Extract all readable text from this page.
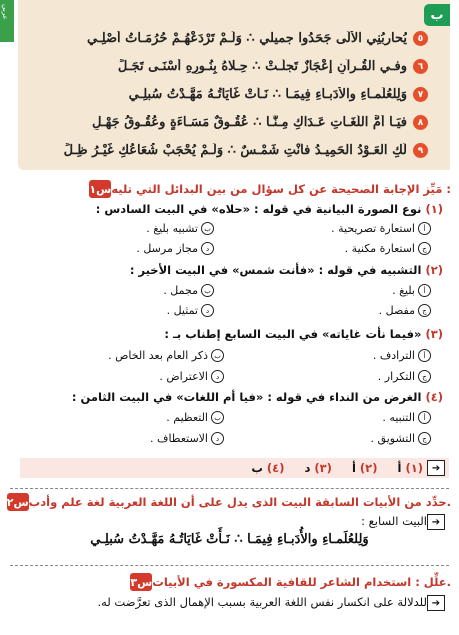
عربي	ب
٥
يُحاربُنِي الأُلَى جَحَدُوا جميلي ∴ وَلَـمْ تَرْدَعْهُـمْ حُرُمَـاتُ أَصْلِـي
٦
وفـي القُـرآنِ إعْجَازٌ تَجلَّـتْ ∴ حِـلاهُ بِنُـورِهِ أَسْنَـى تَجَـلِّ
٧
وَلِلعُلَمـاءِ والأُدَبـاءِ فِيمَـا ∴ نَـأَتْ غَايَاتُـهُ مَهَّـدْتُ سُبلِـي
٨
فيَـا أُمَّ اللُّغَـاتِ عَـدَاكِ مِـنَّـا ∴ عُقُـوقٌ مَسَـاءَةٍ وعُقُـوقُ جَهْـلِ
٩
لَكِ العَـوْدُ الحَمِيـدُ فأَنْتِ شَمْـسٌ ∴ وَلَـمْ يُحْجَبْ شُعَاعُكِ غَيْـرُ ظِـلِّ
س١ مَيِّز الإجابة الصحيحة عن كل سؤال من بين البدائل التي تليه :
(١) نوع الصورة البيانية في قوله : «حلاه» في البيت السادس :
أ
استعارة تصريحية .
ب
تشبيه بليغ .
ج
استعارة مكنية .
د
مجاز مرسل .
(٢) التشبيه في قوله : «فأنت شمس» في البيت الأخير :
أ
بليغ .
ب
مجمل .
ج
مفصل .
د
تمثيل .
(٣) «فيما نأت غاياته» في البيت السابع إطناب بـ :
أ
الترادف .
ب
ذكر العام بعد الخاص .
ج
التكرار .
د
الاعتراض .
(٤) الغرض من النداء في قوله : «فيا أم اللغات» في البيت الثامن :
أ
التنبيه .
ب
التعظيم .
ج
التشويق .
د
الاستعطاف .
➔
(١) أ
(٢) أ
(٣) د
(٤) ب
س٢ حدِّد من الأبيات السابقة البيت الذى يدل على أن اللغة العربية لغة علم وأدب.
➔
البيت السابع :
وَلِلعُلَمـاءِ والأُدَبـاءِ فِيمَـا ∴ نَـأَتْ غَايَاتُـهُ مَهَّـدْتُ سُبلِـي
س٣ علِّل : استخدام الشاعر للقافية المكسورة في الأبيات.
➔
للدلالة على انكسار نفس اللغة العربية بسبب الإهمال الذى تعرَّضت له.
